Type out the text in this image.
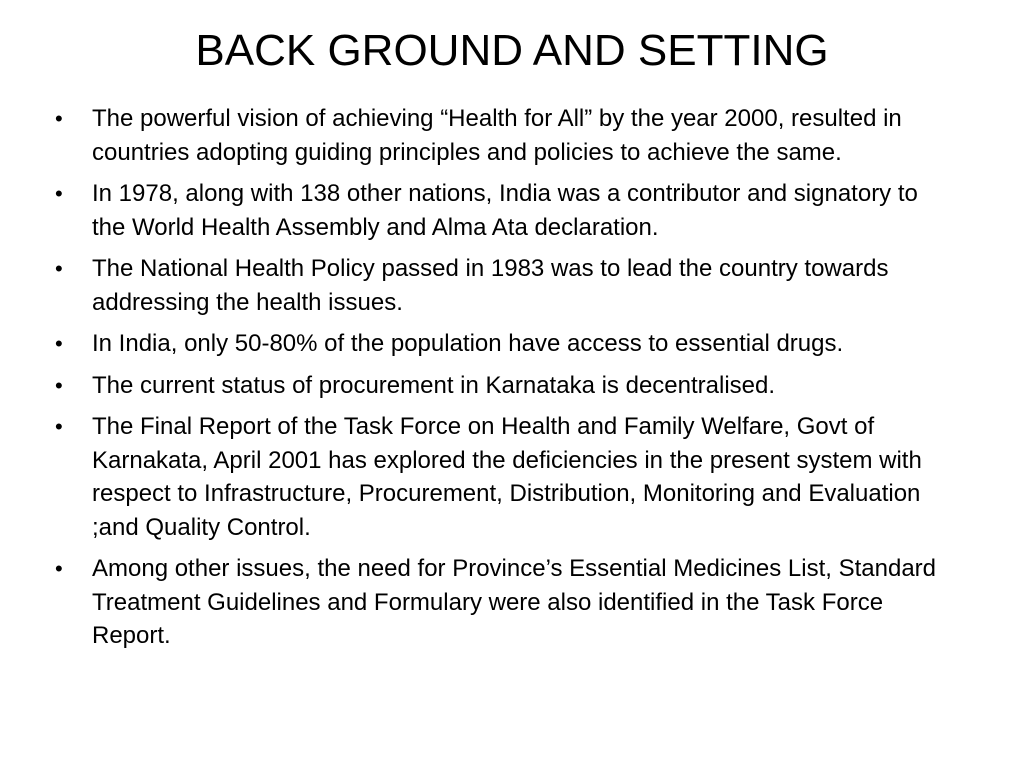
BACK GROUND AND SETTING
•	The powerful vision of achieving “Health for All” by the year 2000, resulted in countries adopting guiding principles and policies to achieve the same.
•	In 1978, along with 138 other nations, India was a contributor and signatory to the World Health Assembly and Alma Ata declaration.
•	The National Health Policy passed in 1983 was to lead the country towards addressing the health issues.
•	In India, only 50-80% of the population have access to essential drugs.
•	The current status of procurement in Karnataka is decentralised.
•	The Final Report of the Task Force on Health and Family Welfare, Govt of Karnakata, April 2001 has explored the deficiencies in the present system with respect to Infrastructure, Procurement, Distribution, Monitoring and Evaluation ;and Quality Control.
•	Among other issues, the need for Province’s Essential Medicines List, Standard Treatment Guidelines and Formulary were also identified in the Task Force Report.
